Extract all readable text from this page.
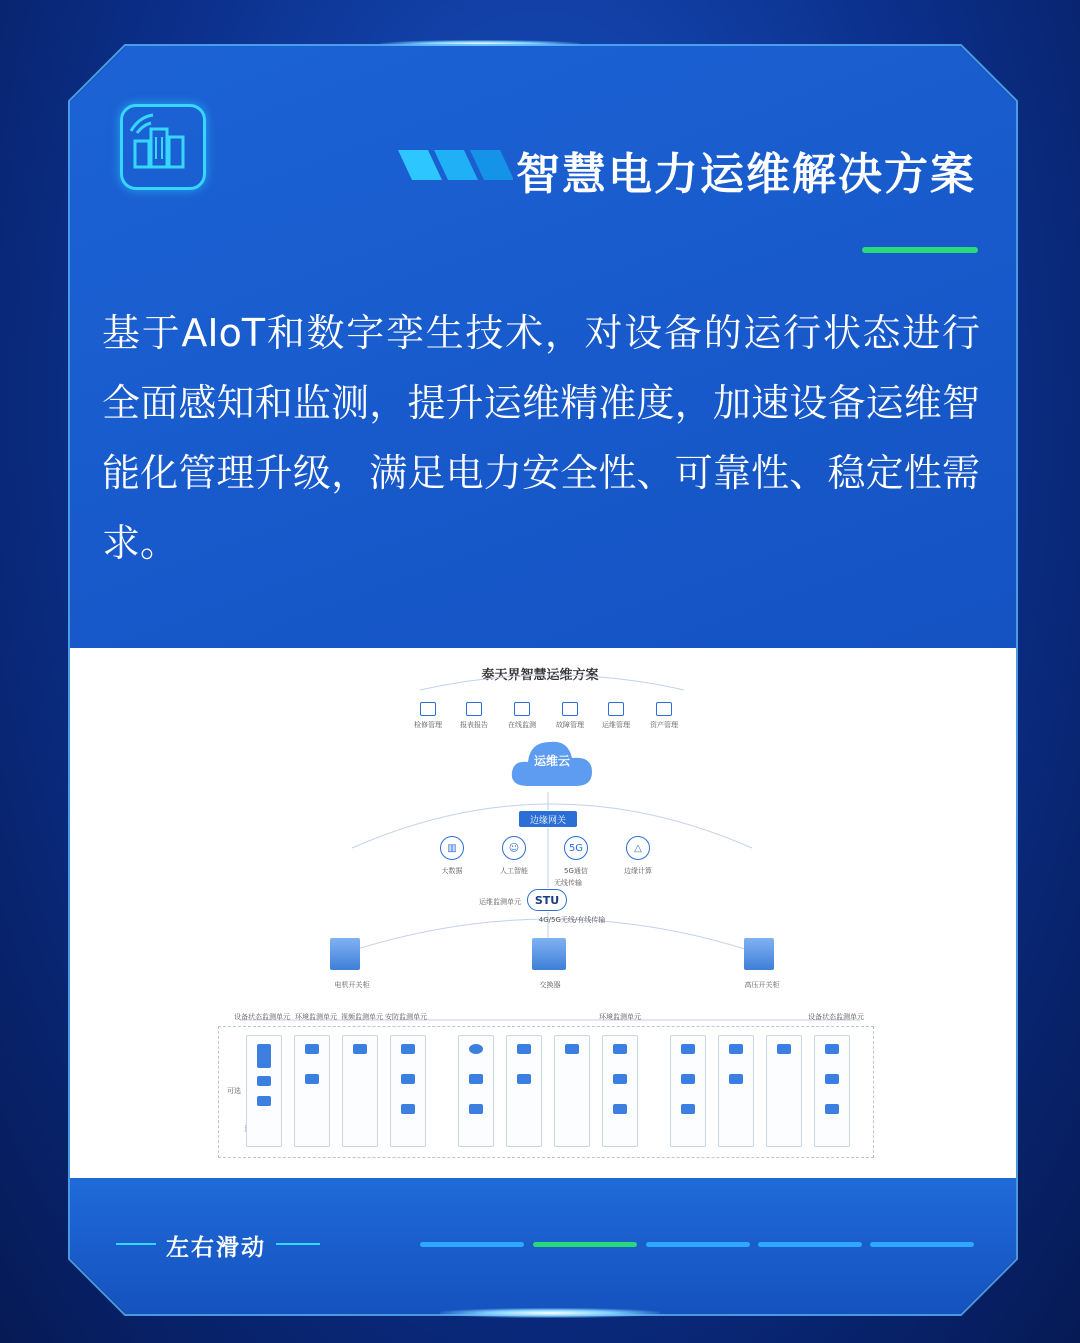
智慧电力运维解决方案
基于AIoT和数字孪生技术，对设备的运行状态进行全面感知和监测，提升运维精准度，加速设备运维智能化管理升级，满足电力安全性、可靠性、稳定性需求。
泰天界智慧运维方案
资产管理
运维管理
故障管理
在线监测
报表报告
检修管理
运维云
边缘网关
△
边缘计算
5G
5G通信
☺
人工智能
▥
大数据
无线传输
STU
运维监测单元
4G/5G无线/有线传输
电机开关柜	交换器	高压开关柜
设备状态监测单元 环境监测单元 视频监测单元 安防监测单元	环境监测单元	设备状态监测单元
可选
左右滑动
